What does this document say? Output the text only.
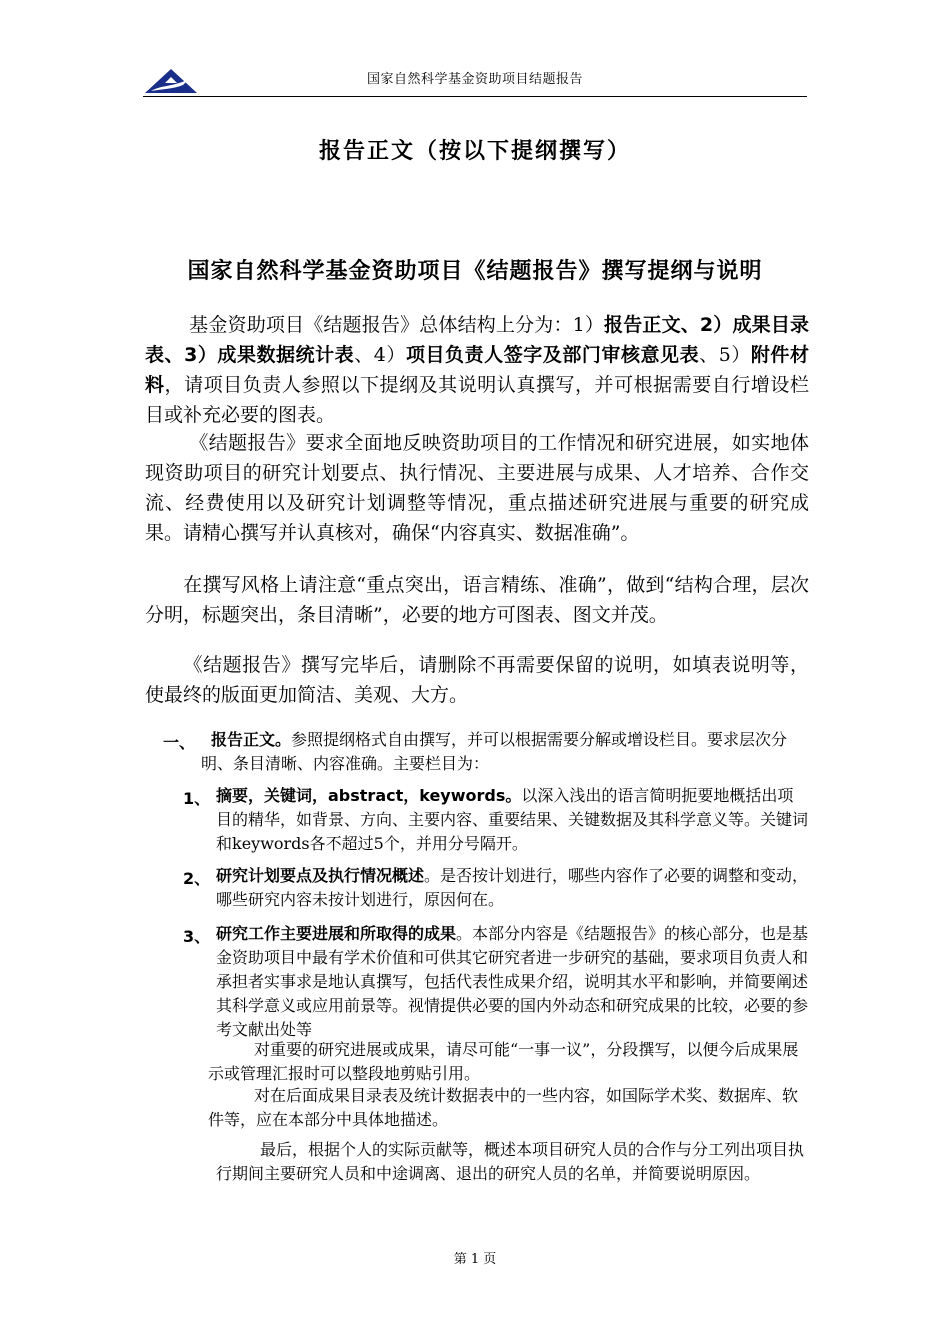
国家自然科学基金资助项目结题报告
报告正文（按以下提纲撰写）
国家自然科学基金资助项目《结题报告》撰写提纲与说明
基金资助项目《结题报告》总体结构上分为：1）报告正文、2）成果目录表、3）成果数据统计表、4）项目负责人签字及部门审核意见表、5）附件材料，请项目负责人参照以下提纲及其说明认真撰写，并可根据需要自行增设栏目或补充必要的图表。
《结题报告》要求全面地反映资助项目的工作情况和研究进展，如实地体现资助项目的研究计划要点、执行情况、主要进展与成果、人才培养、合作交流、经费使用以及研究计划调整等情况，重点描述研究进展与重要的研究成果。请精心撰写并认真核对，确保“内容真实、数据准确”。
在撰写风格上请注意“重点突出，语言精练、准确”，做到“结构合理，层次分明，标题突出，条目清晰”，必要的地方可图表、图文并茂。
《结题报告》撰写完毕后，请删除不再需要保留的说明，如填表说明等，使最终的版面更加简洁、美观、大方。
一、 报告正文。参照提纲格式自由撰写，并可以根据需要分解或增设栏目。要求层次分明、条目清晰、内容准确。主要栏目为：
1、 摘要，关键词，abstract，keywords。以深入浅出的语言简明扼要地概括出项目的精华，如背景、方向、主要内容、重要结果、关键数据及其科学意义等。关键词和keywords各不超过5个，并用分号隔开。
2、 研究计划要点及执行情况概述。是否按计划进行，哪些内容作了必要的调整和变动，哪些研究内容未按计划进行，原因何在。
3、 研究工作主要进展和所取得的成果。本部分内容是《结题报告》的核心部分，也是基金资助项目中最有学术价值和可供其它研究者进一步研究的基础，要求项目负责人和承担者实事求是地认真撰写，包括代表性成果介绍，说明其水平和影响，并简要阐述其科学意义或应用前景等。视情提供必要的国内外动态和研究成果的比较，必要的参考文献出处等
对重要的研究进展或成果，请尽可能“一事一议”，分段撰写，以便今后成果展示或管理汇报时可以整段地剪贴引用。
对在后面成果目录表及统计数据表中的一些内容，如国际学术奖、数据库、软件等，应在本部分中具体地描述。
最后，根据个人的实际贡献等，概述本项目研究人员的合作与分工列出项目执行期间主要研究人员和中途调离、退出的研究人员的名单，并简要说明原因。
第 1 页
